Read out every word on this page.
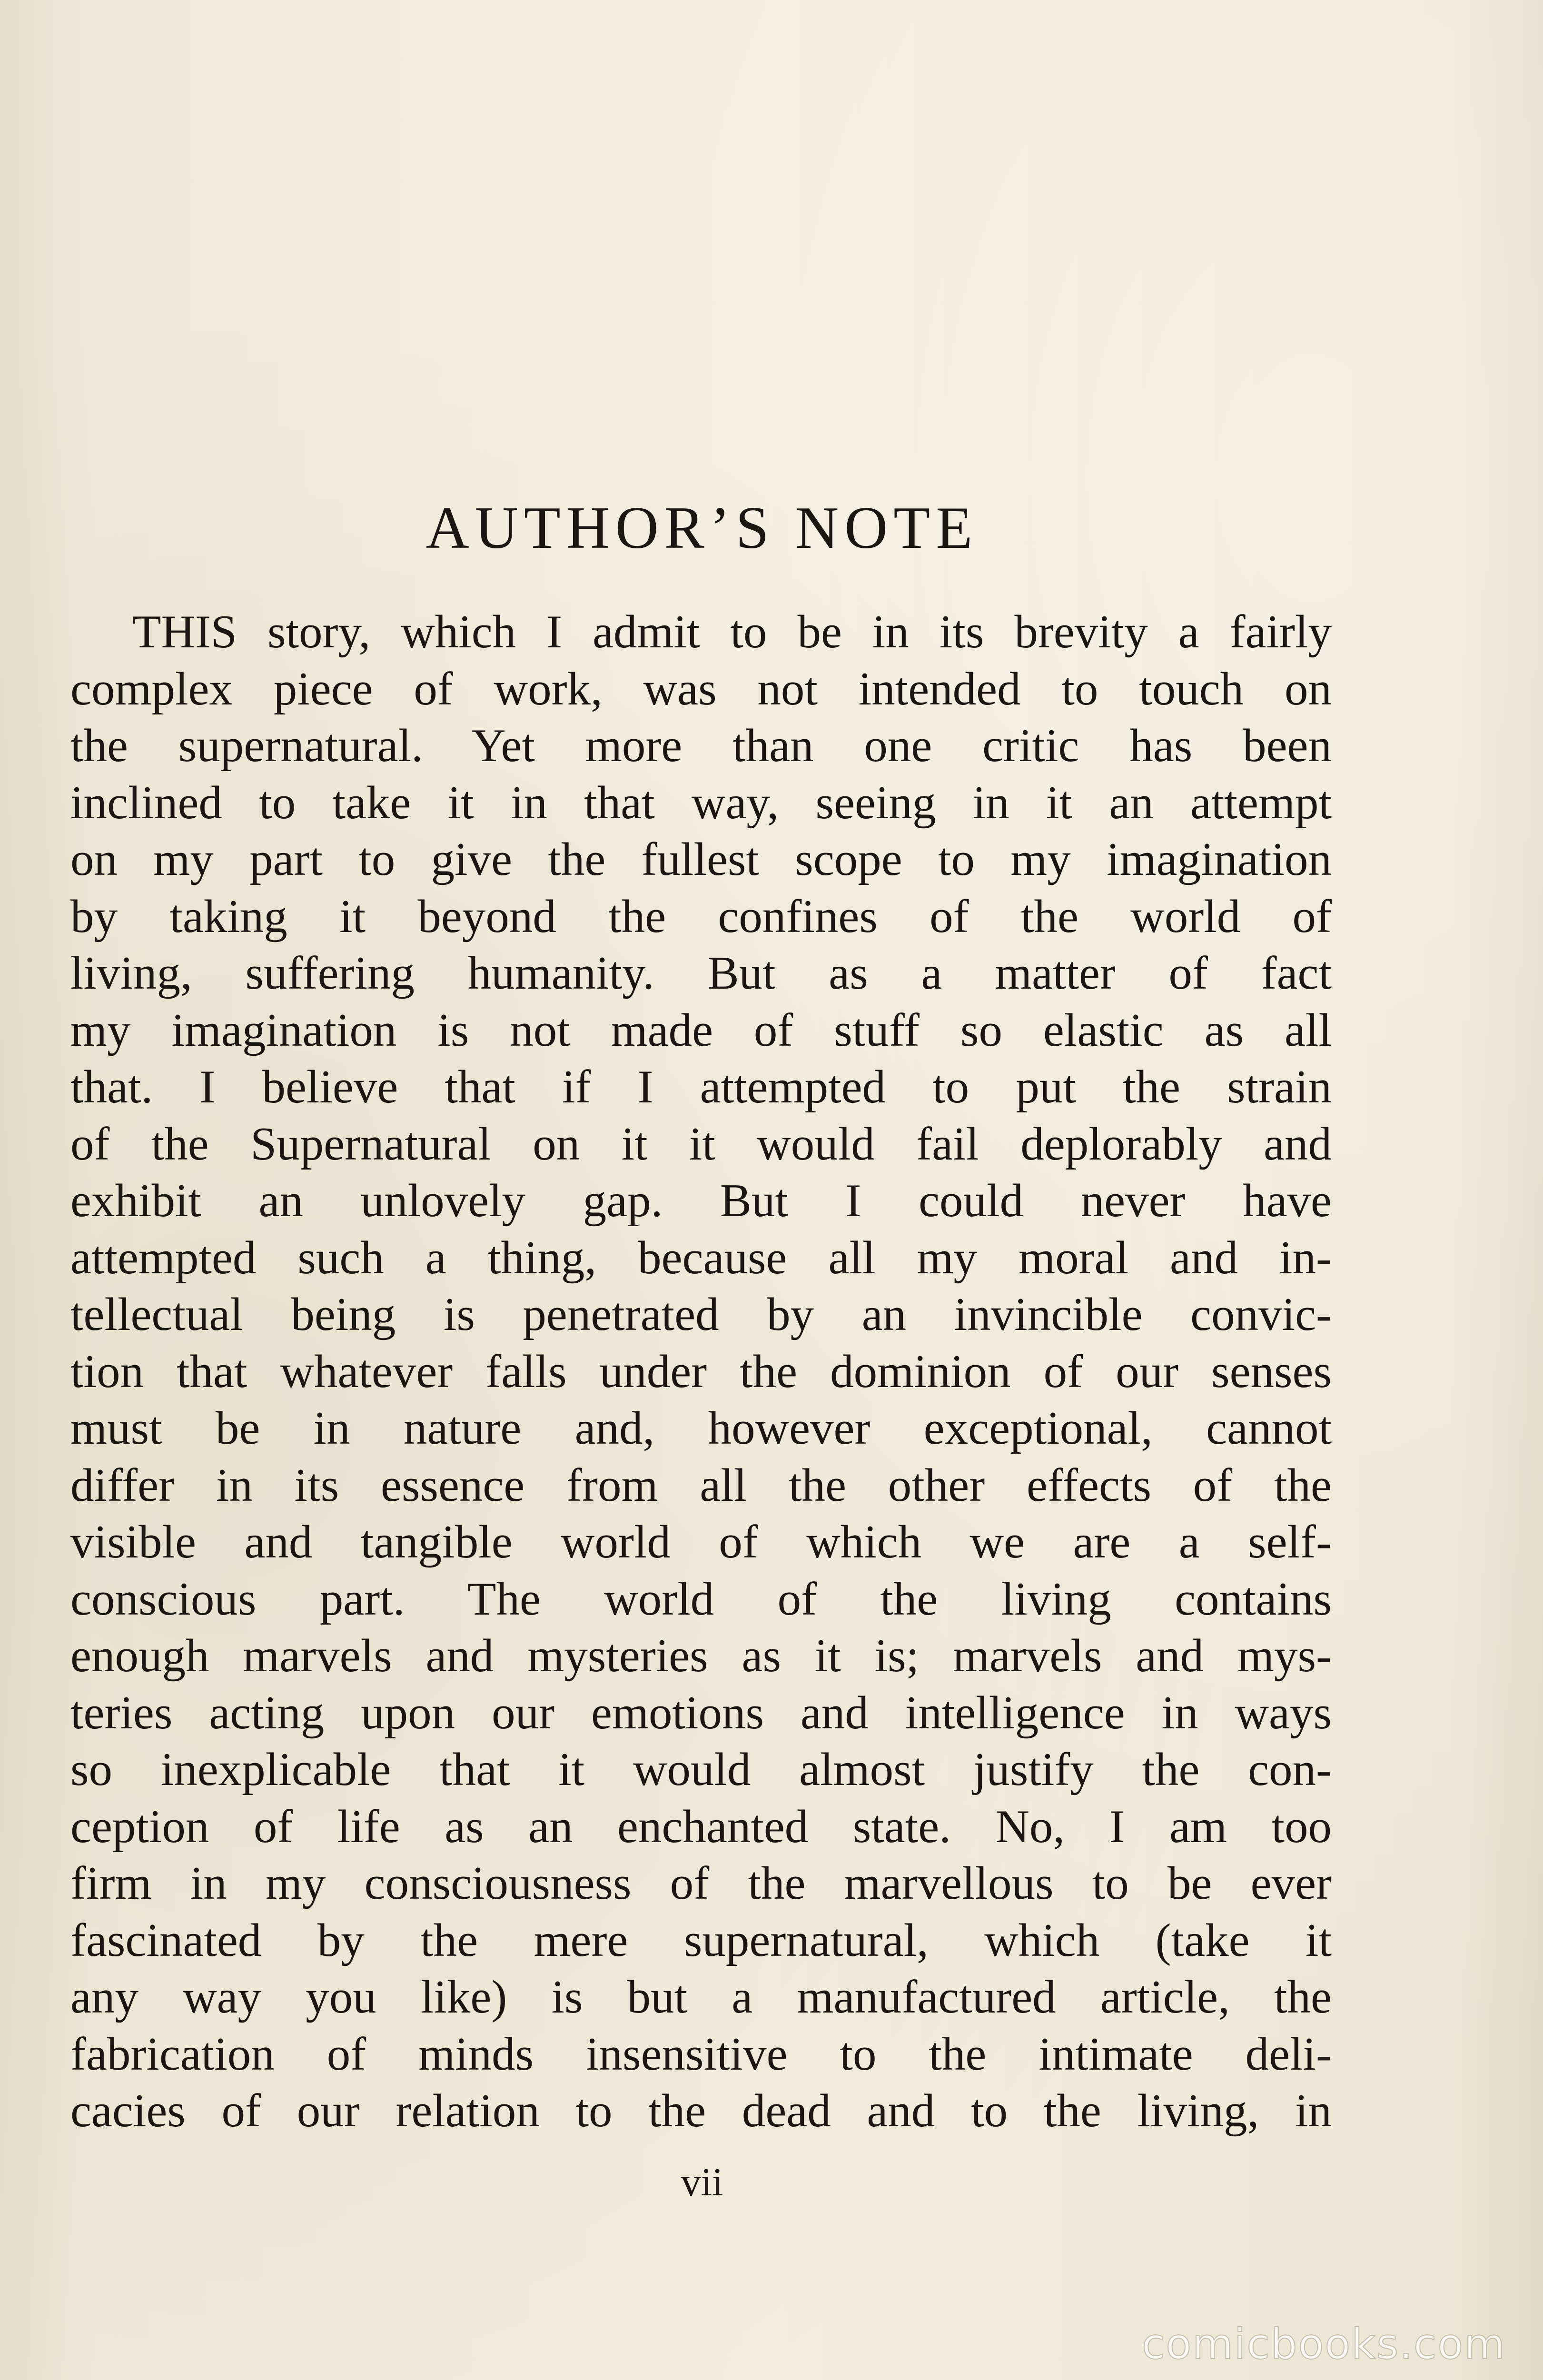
AUTHOR’S NOTE
THIS story, which I admit to be in its brevity a fairly
complex piece of work, was not intended to touch on
the supernatural. Yet more than one critic has been
inclined to take it in that way, seeing in it an attempt
on my part to give the fullest scope to my imagination
by taking it beyond the confines of the world of
living, suffering humanity. But as a matter of fact
my imagination is not made of stuff so elastic as all
that. I believe that if I attempted to put the strain
of the Supernatural on it it would fail deplorably and
exhibit an unlovely gap. But I could never have
attempted such a thing, because all my moral and in-
tellectual being is penetrated by an invincible convic-
tion that whatever falls under the dominion of our senses
must be in nature and, however exceptional, cannot
differ in its essence from all the other effects of the
visible and tangible world of which we are a self-
conscious part. The world of the living contains
enough marvels and mysteries as it is; marvels and mys-
teries acting upon our emotions and intelligence in ways
so inexplicable that it would almost justify the con-
ception of life as an enchanted state. No, I am too
firm in my consciousness of the marvellous to be ever
fascinated by the mere supernatural, which (take it
any way you like) is but a manufactured article, the
fabrication of minds insensitive to the intimate deli-
cacies of our relation to the dead and to the living, in
vii
comicbooks.com
